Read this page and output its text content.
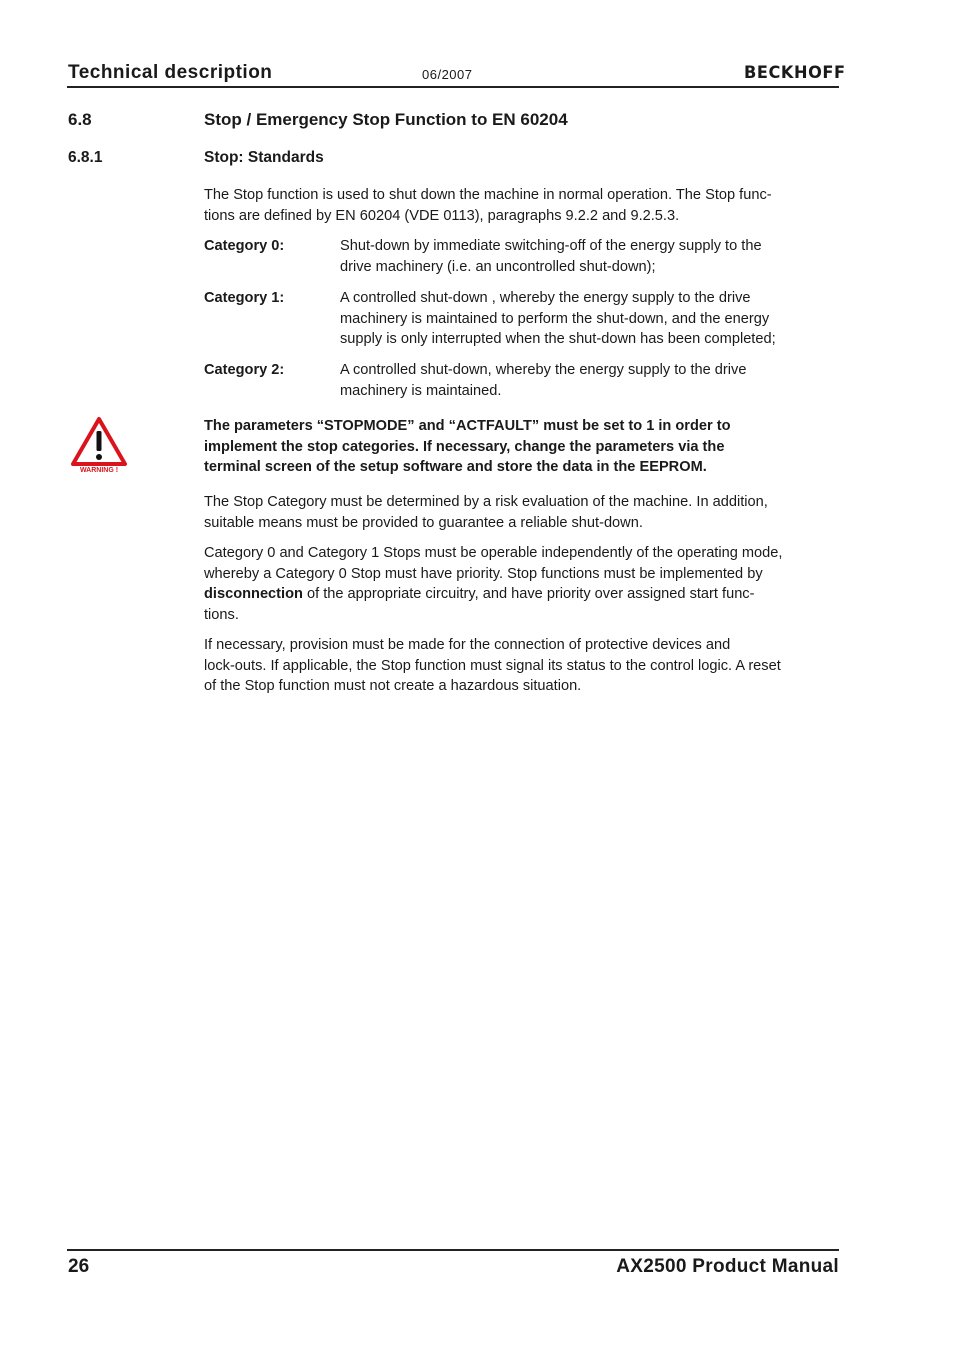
Technical description	06/2007	BECKHOFF
6.8	Stop / Emergency Stop Function to EN 60204
6.8.1	Stop: Standards
The Stop function is used to shut down the machine in normal operation. The Stop func-
tions are defined by EN 60204 (VDE 0113), paragraphs 9.2.2 and 9.2.5.3.
Category 0:	Shut-down by immediate switching-off of the energy supply to the
drive machinery (i.e. an uncontrolled shut-down);
Category 1:	A controlled shut-down , whereby the energy supply to the drive
machinery is maintained to perform the shut-down, and the energy
supply is only interrupted when the shut-down has been completed;
Category 2:	A controlled shut-down, whereby the energy supply to the drive
machinery is maintained.
WARNING !
The parameters “STOPMODE” and “ACTFAULT” must be set to 1 in order to
implement the stop categories. If necessary, change the parameters via the
terminal screen of the setup software and store the data in the EEPROM.
The Stop Category must be determined by a risk evaluation of the machine. In addition,
suitable means must be provided to guarantee a reliable shut-down.
Category 0 and Category 1 Stops must be operable independently of the operating mode,
whereby a Category 0 Stop must have priority. Stop functions must be implemented by
disconnection of the appropriate circuitry, and have priority over assigned start func-
tions.
If necessary, provision must be made for the connection of protective devices and
lock-outs. If applicable, the Stop function must signal its status to the control logic. A reset
of the Stop function must not create a hazardous situation.
26	AX2500 Product Manual
